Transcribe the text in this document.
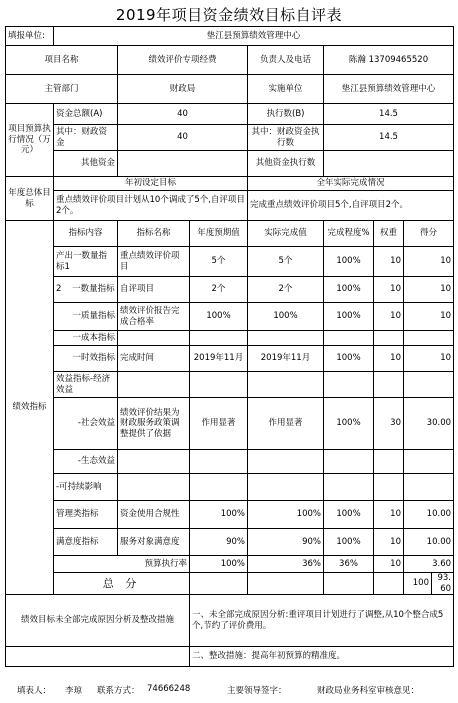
2019年项目资金绩效目标自评表
填报单位:	垫江县预算绩效管理中心							
项目名称		绩效评价专项经费		负责人及电话	陈瀚 13709465520			
主管部门		财政局		实施单位	垫江县预算绩效管理中心			
项目预算执行情况（万元）	资金总额(A)	40		执行数(B)	14.5			
	其中：财政资金	40		其中：财政资金执行数	14.5			
	其他资金			其他资金执行数				
年度总体目标	年初设定目标			全年实际完成情况				
	重点绩效评价项目计划从10个调成了5个,自评项目2个。			完成重点绩效评价项目5个,自评项目2个。				
绩效指标	指标内容	指标名称	年度预期值	实际完成值	完成程度%	权重	得分	
	产出一数量指标1	重点绩效评价项目	5个	5个	100%	10	10	
	2 一数量指标	自评项目	2个	2个	100%	10	10	
	一质量指标	绩效评价报告完成合格率	100%	100%	100%	10	10	
	一成本指标							
	一时效指标	完成时间	2019年11月	2019年11月	100%	10	10	
	效益指标-经济效益							
	-社会效益	绩效评价结果为财政服务政策调整提供了依据	作用显著	作用显著	100%	30	30.00	
	-生态效益							
	-可持续影响							
	管理类指标	资金使用合规性	100%	100%	100%	10	10.00	
	满意度指标	服务对象满意度	90%	90%	100%	10	10.00	
	预算执行率		100%	36%	36%	10	3.60	
	总 分						100	93.60
绩效目标未全部完成原因分析及整改措施			一、未全部完成原因分析:重评项目计划进行了调整,从10个整合成5个,节约了评价费用。					
			二、整改措施：提高年初预算的精准度。					
填表人： 李琼 联系方式： 74666248	主要领导签字：	财政局业务科室审核意见：
